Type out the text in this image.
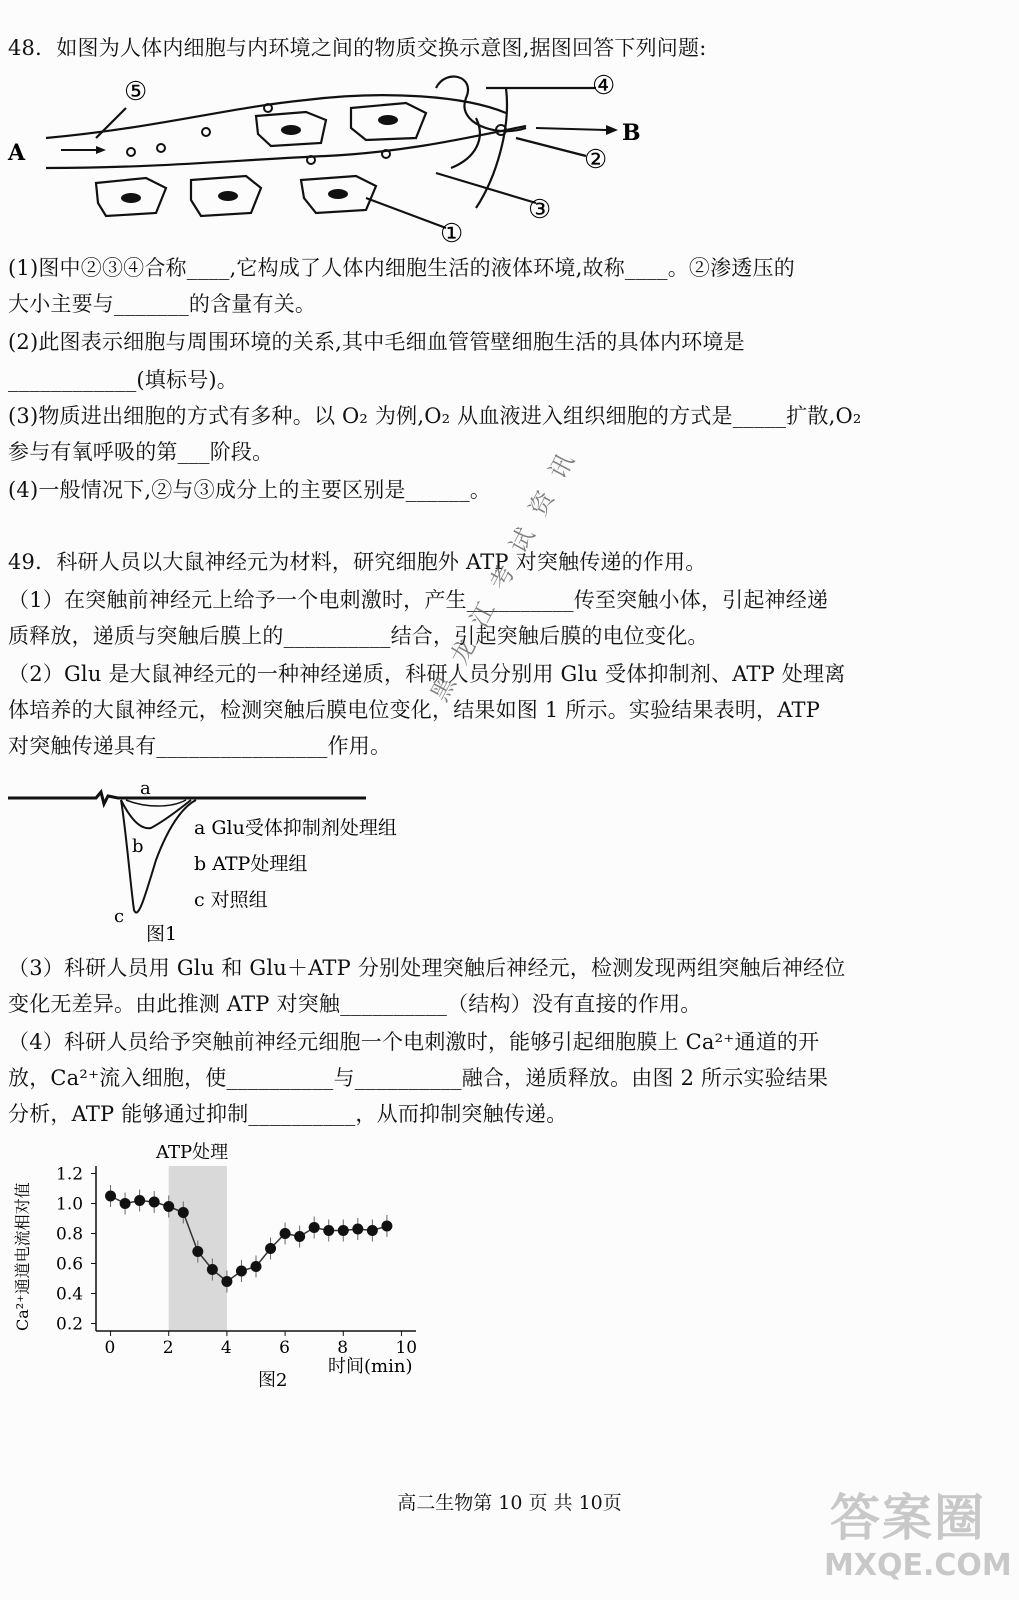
48．如图为人体内细胞与内环境之间的物质交换示意图,据图回答下列问题:
A
B
⑤	④
②
③
①
(1)图中②③④合称____,它构成了人体内细胞生活的液体环境,故称____。②渗透压的
大小主要与_______的含量有关。
(2)此图表示细胞与周围环境的关系,其中毛细血管管壁细胞生活的具体内环境是
____________(填标号)。
(3)物质进出细胞的方式有多种。以 O₂ 为例,O₂ 从血液进入组织细胞的方式是_____扩散,O₂
参与有氧呼吸的第___阶段。
(4)一般情况下,②与③成分上的主要区别是______。
49．科研人员以大鼠神经元为材料，研究细胞外 ATP 对突触传递的作用。
（1）在突触前神经元上给予一个电刺激时，产生__________传至突触小体，引起神经递
质释放，递质与突触后膜上的__________结合，引起突触后膜的电位变化。
（2）Glu 是大鼠神经元的一种神经递质，科研人员分别用 Glu 受体抑制剂、ATP 处理离
体培养的大鼠神经元，检测突触后膜电位变化，结果如图 1 所示。实验结果表明，ATP
对突触传递具有________________作用。
a
b
c
a Glu受体抑制剂处理组
b ATP处理组
c 对照组
图1
（3）科研人员用 Glu 和 Glu＋ATP 分别处理突触后神经元，检测发现两组突触后神经位
变化无差异。由此推测 ATP 对突触__________（结构）没有直接的作用。
（4）科研人员给予突触前神经元细胞一个电刺激时，能够引起细胞膜上 Ca²⁺通道的开
放，Ca²⁺流入细胞，使__________与__________融合，递质释放。由图 2 所示实验结果
分析，ATP 能够通过抑制__________，从而抑制突触传递。
0.2
0.4
0.6
0.8
1.0
1.2
0	2	4	6	8	10
ATP处理
时间(min)
Ca²⁺通道电流相对值
图2
黑龙江考试资讯
高二生物第 10 页 共 10页	答案圈
MXQE.COM
